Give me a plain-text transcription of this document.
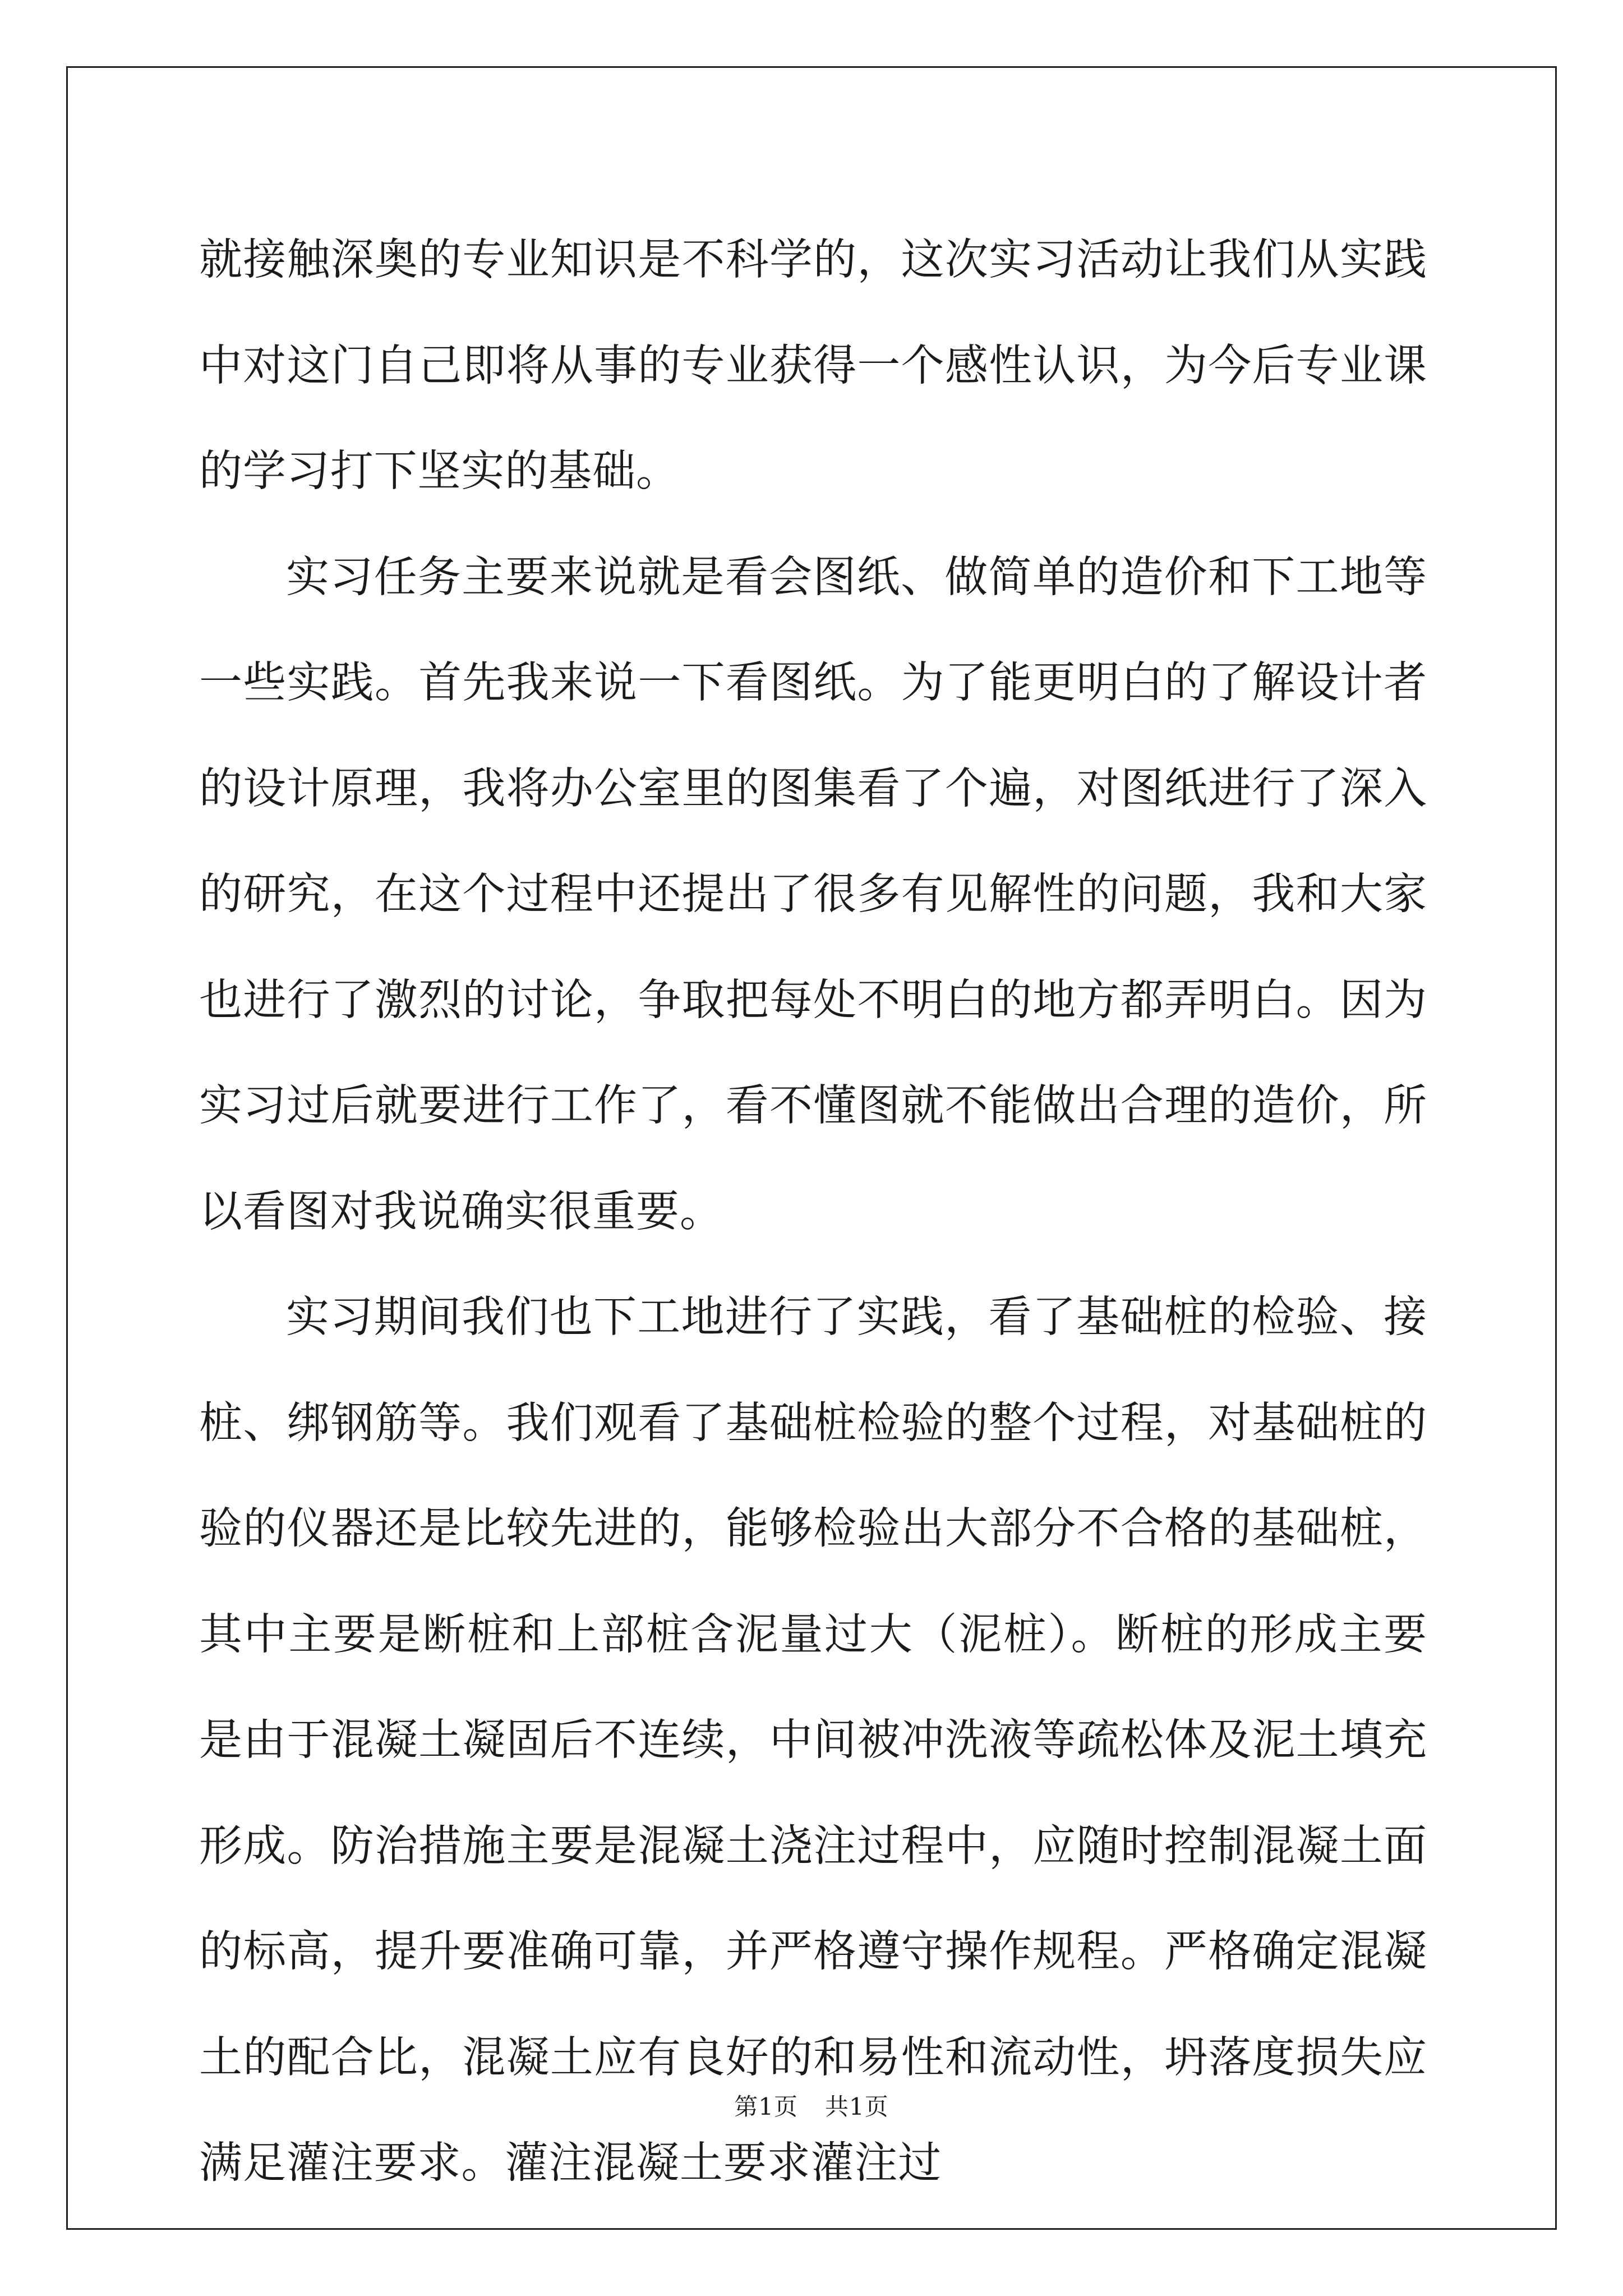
就接触深奥的专业知识是不科学的，这次实习活动让我们从实践中对这门自己即将从事的专业获得一个感性认识，为今后专业课的学习打下坚实的基础。

实习任务主要来说就是看会图纸、做简单的造价和下工地等一些实践。首先我来说一下看图纸。为了能更明白的了解设计者的设计原理，我将办公室里的图集看了个遍，对图纸进行了深入的研究，在这个过程中还提出了很多有见解性的问题，我和大家也进行了激烈的讨论，争取把每处不明白的地方都弄明白。因为实习过后就要进行工作了，看不懂图就不能做出合理的造价，所以看图对我说确实很重要。

实习期间我们也下工地进行了实践，看了基础桩的检验、接桩、绑钢筋等。我们观看了基础桩检验的整个过程，对基础桩的验的仪器还是比较先进的，能够检验出大部分不合格的基础桩，其中主要是断桩和上部桩含泥量过大（泥桩）。断桩的形成主要是由于混凝土凝固后不连续，中间被冲洗液等疏松体及泥土填充形成。防治措施主要是混凝土浇注过程中，应随时控制混凝土面的标高，提升要准确可靠，并严格遵守操作规程。严格确定混凝土的配合比，混凝土应有良好的和易性和流动性，坍落度损失应满足灌注要求。灌注混凝土要求灌注过

第1页 共1页
